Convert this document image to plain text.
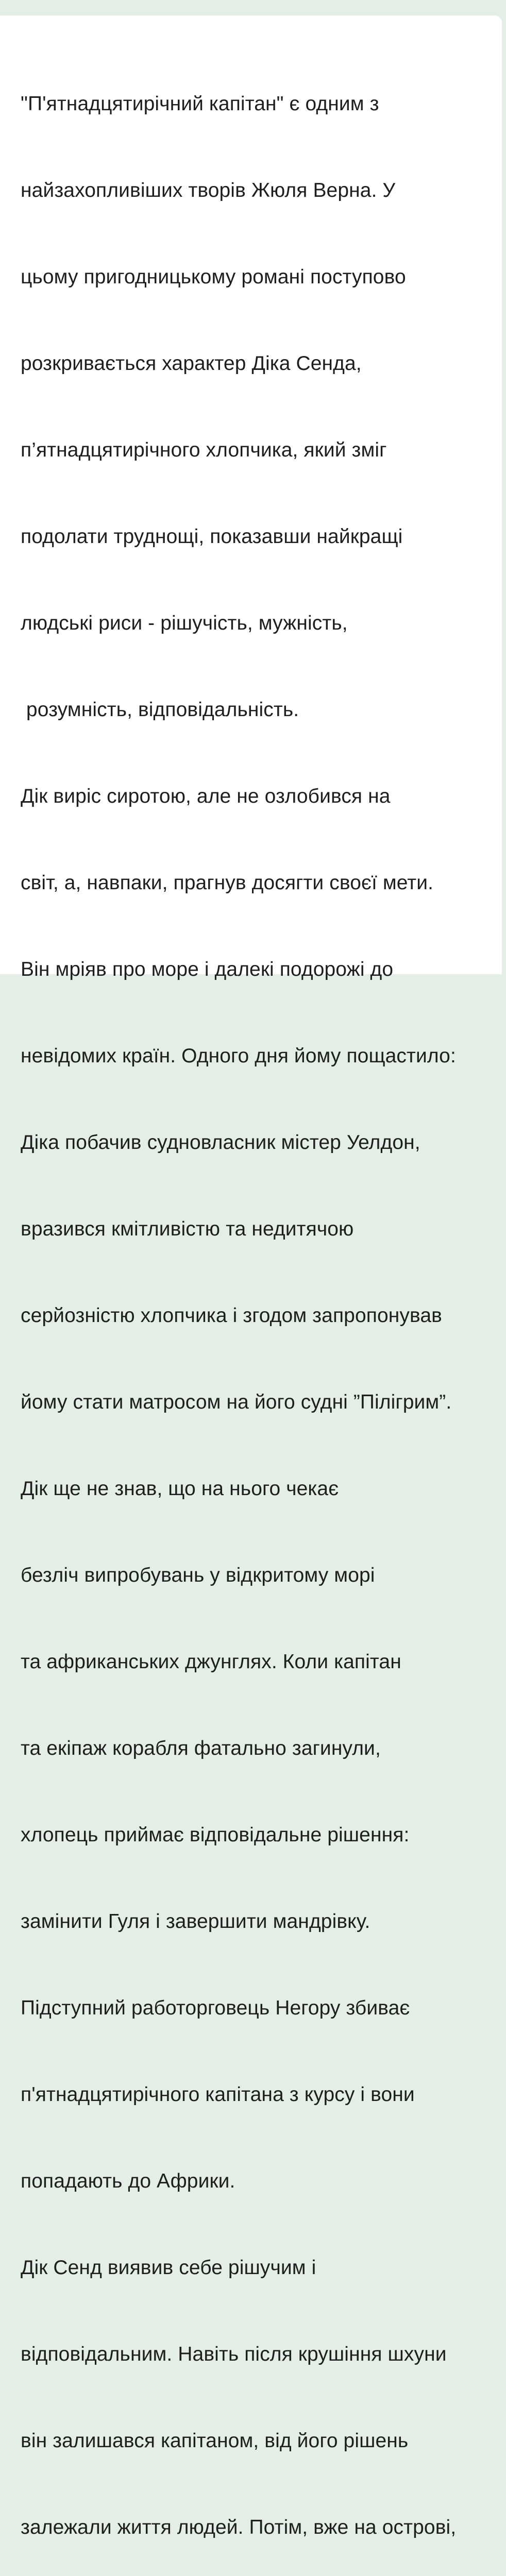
"П'ятнадцятирічний капітан" є одним з

найзахопливіших творів Жюля Верна. У

цьому пригодницькому романі поступово

розкривається характер Діка Сенда,

п’ятнадцятирічного хлопчика, який зміг

подолати труднощі, показавши найкращі

людські риси - рішучість, мужність,

розумність, відповідальність.

Дік виріс сиротою, але не озлобився на

світ, а, навпаки, прагнув досягти своєї мети.

Він мріяв про море і далекі подорожі до

невідомих країн. Одного дня йому пощастило:

Діка побачив судновласник містер Уелдон,

вразився кмітливістю та недитячою

серйозністю хлопчика і згодом запропонував

йому стати матросом на його судні ”Пілігрим”.

Дік ще не знав, що на нього чекає

безліч випробувань у відкритому морі

та африканських джунглях. Коли капітан

та екіпаж корабля фатально загинули,

хлопець приймає відповідальне рішення:

замінити Гуля і завершити мандрівку.

Підступний работорговець Негору збиває

п'ятнадцятирічного капітана з курсу і вони

попадають до Африки.

Дік Сенд виявив себе рішучим і

відповідальним. Навіть після крушіння шхуни

він залишався капітаном, від його рішень

залежали життя людей. Потім, вже на острові,
